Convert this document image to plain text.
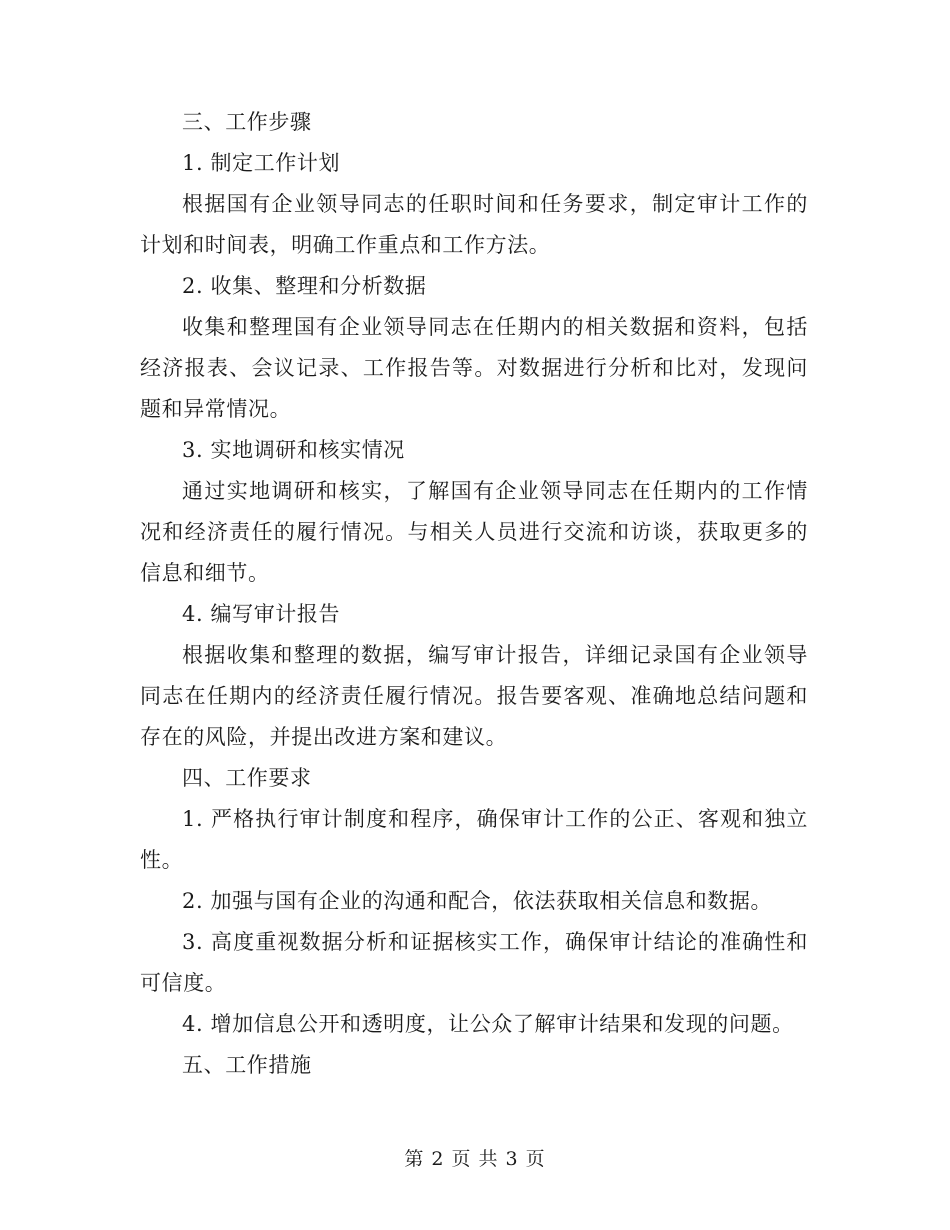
三、工作步骤

1. 制定工作计划

根据国有企业领导同志的任职时间和任务要求，制定审计工作的计划和时间表，明确工作重点和工作方法。

2. 收集、整理和分析数据

收集和整理国有企业领导同志在任期内的相关数据和资料，包括经济报表、会议记录、工作报告等。对数据进行分析和比对，发现问题和异常情况。

3. 实地调研和核实情况

通过实地调研和核实，了解国有企业领导同志在任期内的工作情况和经济责任的履行情况。与相关人员进行交流和访谈，获取更多的信息和细节。

4. 编写审计报告

根据收集和整理的数据，编写审计报告，详细记录国有企业领导同志在任期内的经济责任履行情况。报告要客观、准确地总结问题和存在的风险，并提出改进方案和建议。

四、工作要求

1. 严格执行审计制度和程序，确保审计工作的公正、客观和独立性。

2. 加强与国有企业的沟通和配合，依法获取相关信息和数据。

3. 高度重视数据分析和证据核实工作，确保审计结论的准确性和可信度。

4. 增加信息公开和透明度，让公众了解审计结果和发现的问题。

五、工作措施

第 2 页 共 3 页
